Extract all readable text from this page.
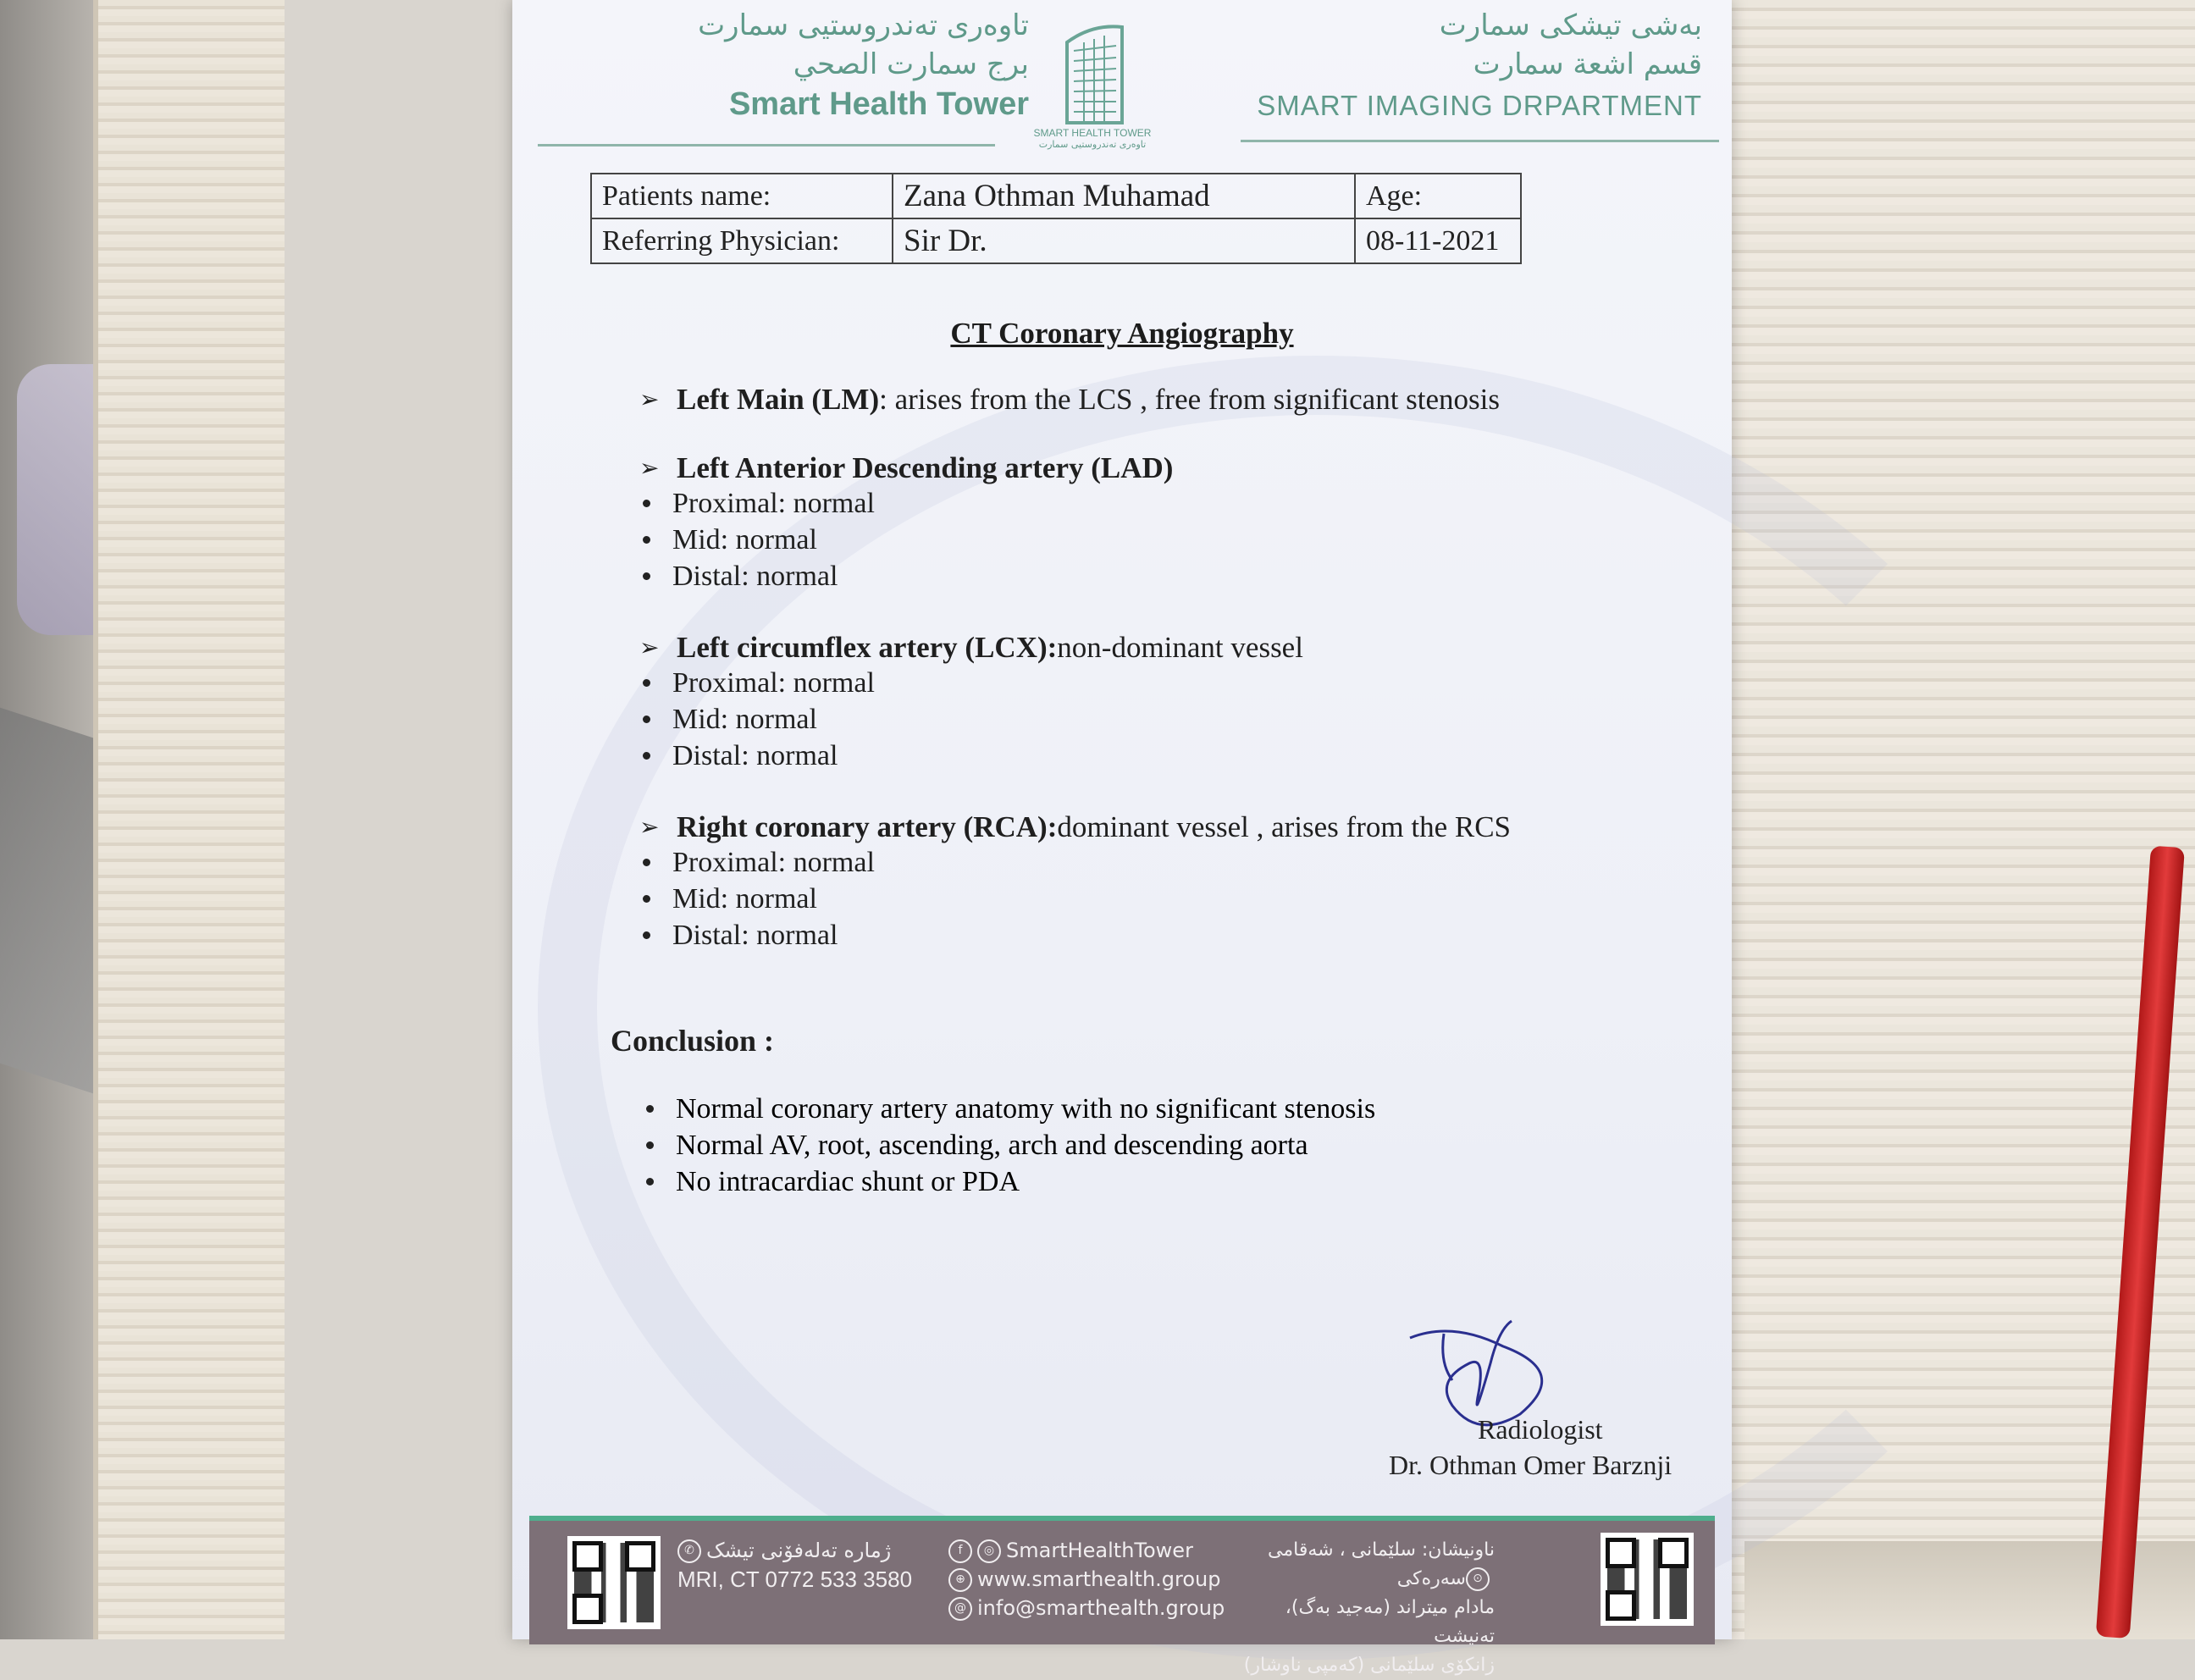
تاوەری تەندروستیی سمارت
برج سمارت الصحي
Smart Health Tower
SMART HEALTH TOWER
تاوەری تەندروستیی سمارت
بەشی تیشکی سمارت
قسم اشعة سمارت
SMART IMAGING DRPARTMENT
Patients name:	Zana Othman Muhamad	Age:
Referring Physician:	Sir Dr.	08-11-2021
CT Coronary Angiography
➢ Left Main (LM) : arises from the LCS , free from significant stenosis
➢ Left Anterior Descending artery (LAD)
Proximal: normal
Mid: normal
Distal: normal
➢ Left circumflex artery (LCX): non-dominant vessel
Proximal: normal
Mid: normal
Distal: normal
➢ Right coronary artery (RCA): dominant vessel , arises from the RCS
Proximal: normal
Mid: normal
Distal: normal
Conclusion :
Normal coronary artery anatomy with no significant stenosis
Normal AV, root, ascending, arch and descending aorta
No intracardiac shunt or PDA
Radiologist
Dr. Othman Omer Barznji
✆ ژمارە تەلەفۆنی تیشک
MRI, CT 0772 533 3580
f ◎ SmartHealthTower
⊕ www.smarthealth.group
@ info@smarthealth.group
ناونیشان: سلێمانی ، شەقامی سەرەکی ⊙
مادام میتراند (مەجید بەگ)، تەنیشت
زانکۆی سلێمانی (کەمپی ناوشار)
